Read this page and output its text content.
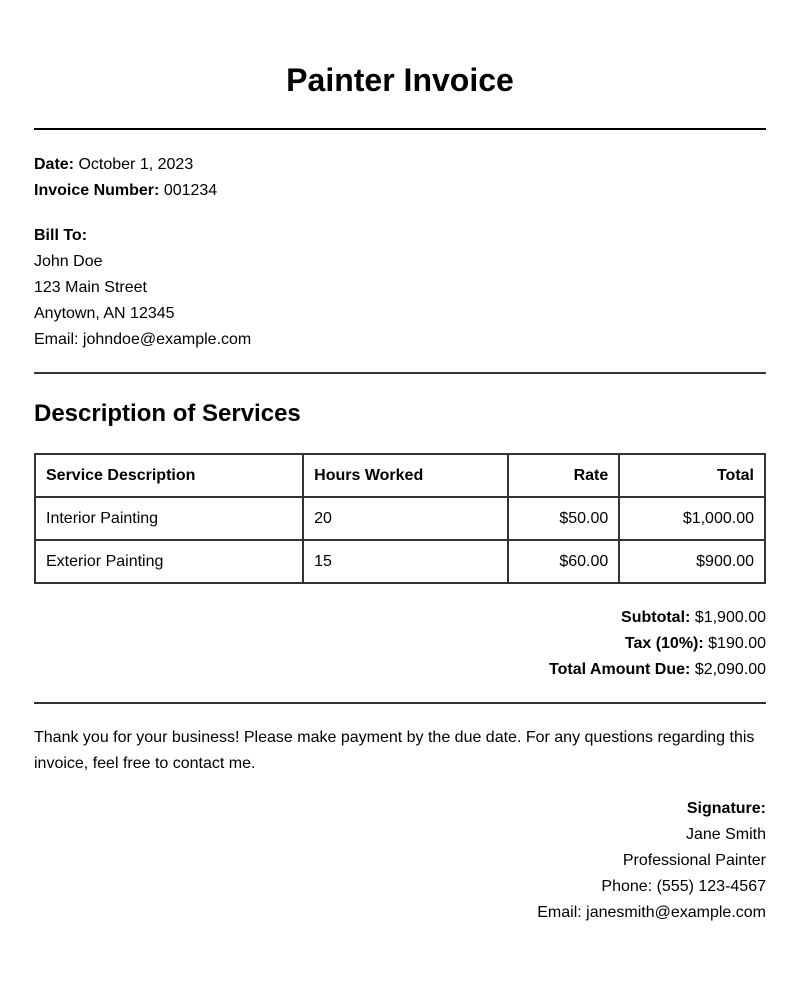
Painter Invoice
Date: October 1, 2023
Invoice Number: 001234
Bill To:
John Doe
123 Main Street
Anytown, AN 12345
Email: johndoe@example.com
Description of Services
Service Description	Hours Worked	Rate	Total
Interior Painting	20	$50.00	$1,000.00
Exterior Painting	15	$60.00	$900.00
Subtotal: $1,900.00
Tax (10%): $190.00
Total Amount Due: $2,090.00

Thank you for your business! Please make payment by the due date. For any questions regarding this invoice, feel free to contact me.

Signature:
Jane Smith
Professional Painter
Phone: (555) 123-4567
Email: janesmith@example.com
